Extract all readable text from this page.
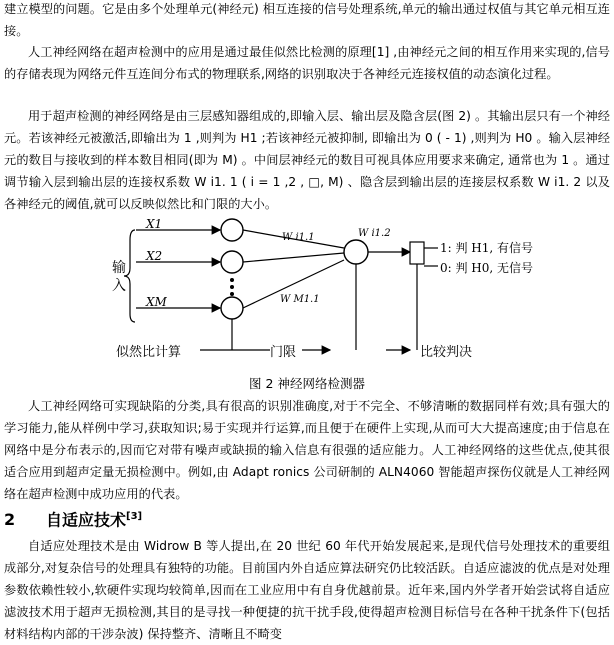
建立模型的问题。它是由多个处理单元(神经元) 相互连接的信号处理系统,单元的输出通过权值与其它单元相互连接。

人工神经网络在超声检测中的应用是通过最佳似然比检测的原理[1] ,由神经元之间的相互作用来实现的,信号的存储表现为网络元件互连间分布式的物理联系,网络的识别取决于各神经元连接权值的动态演化过程。

用于超声检测的神经网络是由三层感知器组成的,即输入层、输出层及隐含层(图 2) 。其输出层只有一个神经元。若该神经元被激活,即输出为 1 ,则判为 H1 ;若该神经元被抑制, 即输出为 0 ( - 1) ,则判为 H0 。输入层神经元的数目与接收到的样本数目相同(即为 M) 。中间层神经元的数目可视具体应用要求来确定, 通常也为 1 。通过调节输入层到输出层的连接权系数 W i1. 1 ( i = 1 ,2 , □, M) 、隐含层到输出层的连接层权系数 W i1. 2 以及各神经元的阈值,就可以反映似然比和门限的大小。

输
入
X1
X2
XM
W i1.1
W M1.1
W i1.2
1: 判 H1, 有信号
0: 判 H0, 无信号
似然比计算	门限	比较判决
图 2 神经网络检测器

人工神经网络可实现缺陷的分类,具有很高的识别准确度,对于不完全、不够清晰的数据同样有效;具有强大的学习能力,能从样例中学习,获取知识;易于实现并行运算,而且便于在硬件上实现,从而可大大提高速度;由于信息在网络中是分布表示的,因而它对带有噪声或缺损的输入信息有很强的适应能力。人工神经网络的这些优点,使其很适合应用到超声定量无损检测中。例如,由 Adapt ronics 公司研制的 ALN4060 智能超声探伤仪就是人工神经网络在超声检测中成功应用的代表。

2 自适应技术[3]

自适应处理技术是由 Widrow B 等人提出,在 20 世纪 60 年代开始发展起来,是现代信号处理技术的重要组成部分,对复杂信号的处理具有独特的功能。目前国内外自适应算法研究仍比较活跃。自适应滤波的优点是对处理参数依赖性较小,软硬件实现均较简单,因而在工业应用中有自身优越前景。近年来,国内外学者开始尝试将自适应滤波技术用于超声无损检测,其目的是寻找一种便捷的抗干扰手段,使得超声检测目标信号在各种干扰条件下(包括材料结构内部的干涉杂波) 保持整齐、清晰且不畸变
